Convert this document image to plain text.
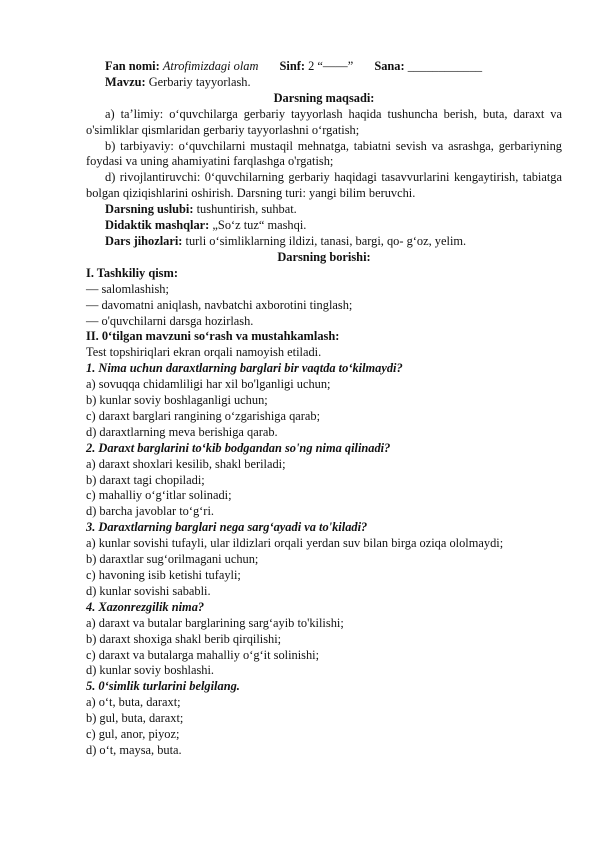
Fan nomi: Atrofimizdagi olam Sinf: 2 “——” Sana: ____________
Mavzu: Gerbariy tayyorlash.
Darsning maqsadi:

a) ta’limiy: o‘quvchilarga gerbariy tayyorlash haqida tushuncha berish, buta, daraxt va o'simliklar qismlaridan gerbariy tayyorlashni o‘rgatish;

b) tarbiyaviy: o‘quvchilarni mustaqil mehnatga, tabiatni sevish va asrashga, gerbariyning foydasi va uning ahamiyatini farqlashga o'rgatish;

d) rivojlantiruvchi: 0‘quvchilarning gerbariy haqidagi tasavvurlarini kengaytirish, tabiatga bolgan qiziqishlarini oshirish. Darsning turi: yangi bilim beruvchi.

Darsning uslubi: tushuntirish, suhbat.
Didaktik mashqlar: „So‘z tuz“ mashqi.
Dars jihozlari: turli o‘simliklarning ildizi, tanasi, bargi, qo- g‘oz, yelim.
Darsning borishi:
I. Tashkiliy qism:
— salomlashish;
— davomatni aniqlash, navbatchi axborotini tinglash;
— o'quvchilarni darsga hozirlash.
II. 0‘tilgan mavzuni so‘rash va mustahkamlash:
Test topshiriqlari ekran orqali namoyish etiladi.
1. Nima uchun daraxtlarning barglari bir vaqtda to‘kilmaydi?
a) sovuqqa chidamliligi har xil bo'lganligi uchun;
b) kunlar soviy boshlaganligi uchun;
c) daraxt barglari rangining o‘zgarishiga qarab;
d) daraxtlarning meva berishiga qarab.
2. Daraxt barglarini to‘kib bodgandan so'ng nima qilinadi?
a) daraxt shoxlari kesilib, shakl beriladi;
b) daraxt tagi chopiladi;
c) mahalliy o‘g‘itlar solinadi;
d) barcha javoblar to‘g‘ri.
3. Daraxtlarning barglari nega sarg‘ayadi va to'kiladi?
a) kunlar sovishi tufayli, ular ildizlari orqali yerdan suv bilan birga oziqa ololmaydi;
b) daraxtlar sug‘orilmagani uchun;
c) havoning isib ketishi tufayli;
d) kunlar sovishi sababli.
4. Xazonrezgilik nima?
a) daraxt va butalar barglarining sarg‘ayib to'kilishi;
b) daraxt shoxiga shakl berib qirqilishi;
c) daraxt va butalarga mahalliy o‘g‘it solinishi;
d) kunlar soviy boshlashi.
5. 0‘simlik turlarini belgilang.
a) o‘t, buta, daraxt;
b) gul, buta, daraxt;
c) gul, anor, piyoz;
d) o‘t, maysa, buta.
